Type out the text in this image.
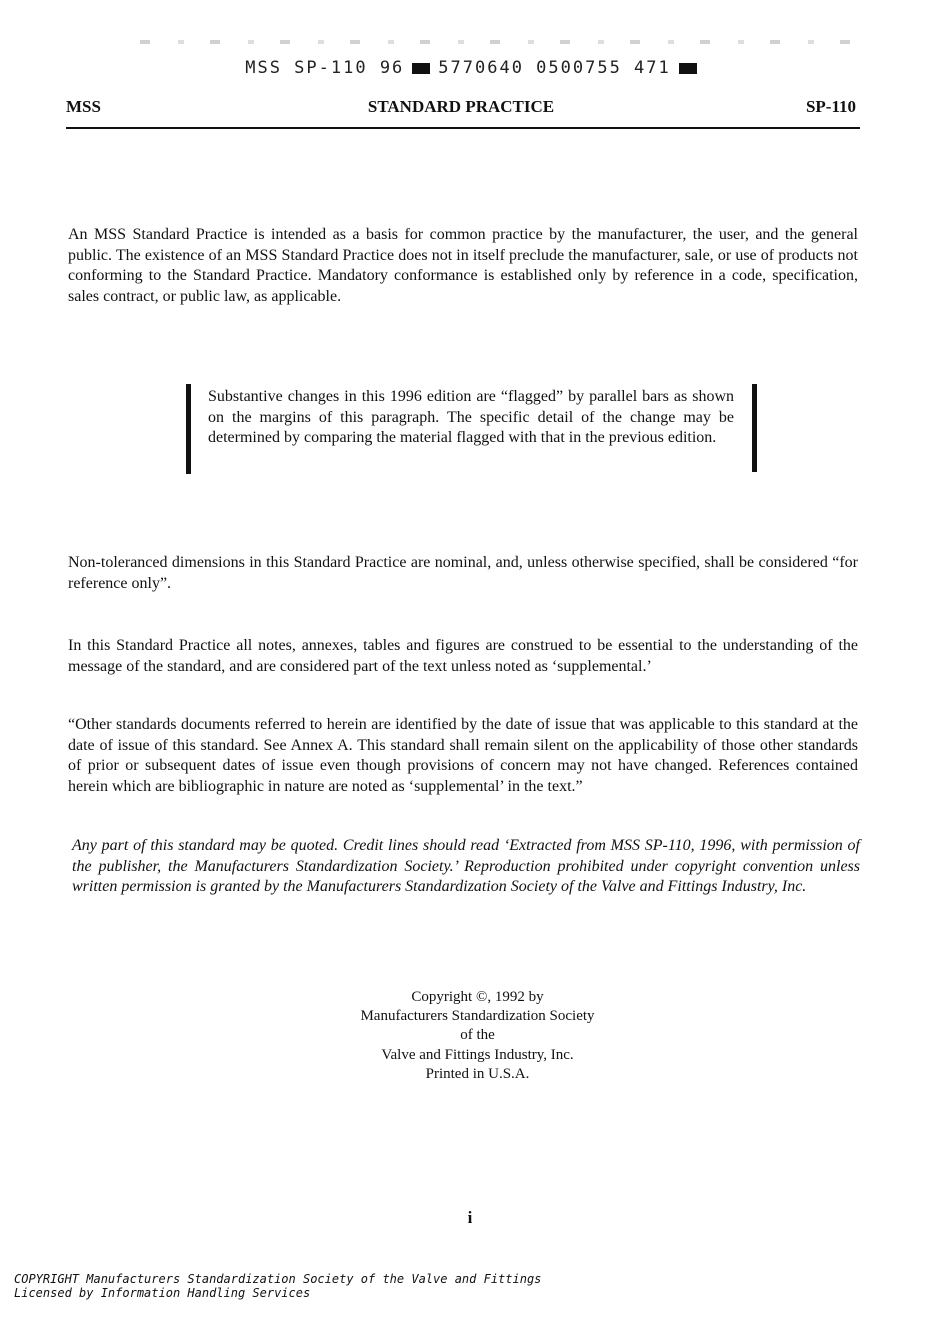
MSS SP-110 96 5770640 0500755 471
MSS	STANDARD PRACTICE	SP-110

An MSS Standard Practice is intended as a basis for common practice by the manufacturer, the user, and the general public. The existence of an MSS Standard Practice does not in itself preclude the manufacturer, sale, or use of products not conforming to the Standard Practice. Mandatory conformance is established only by reference in a code, specification, sales contract, or public law, as applicable.

Substantive changes in this 1996 edition are “flagged” by parallel bars as shown on the margins of this paragraph. The specific detail of the change may be determined by comparing the material flagged with that in the previous edition.

Non-toleranced dimensions in this Standard Practice are nominal, and, unless otherwise specified, shall be considered “for reference only”.

In this Standard Practice all notes, annexes, tables and figures are construed to be essential to the understanding of the message of the standard, and are considered part of the text unless noted as ‘supplemental.’

“Other standards documents referred to herein are identified by the date of issue that was applicable to this standard at the date of issue of this standard. See Annex A. This standard shall remain silent on the applicability of those other standards of prior or subsequent dates of issue even though provisions of concern may not have changed. References contained herein which are bibliographic in nature are noted as ‘supplemental’ in the text.”

Any part of this standard may be quoted. Credit lines should read ‘Extracted from MSS SP-110, 1996, with permission of the publisher, the Manufacturers Standardization Society.’ Reproduction prohibited under copyright convention unless written permission is granted by the Manufacturers Standardization Society of the Valve and Fittings Industry, Inc.

Copyright ©, 1992 by
Manufacturers Standardization Society
of the
Valve and Fittings Industry, Inc.
Printed in U.S.A.
i
COPYRIGHT Manufacturers Standardization Society of the Valve and Fittings
Licensed by Information Handling Services
